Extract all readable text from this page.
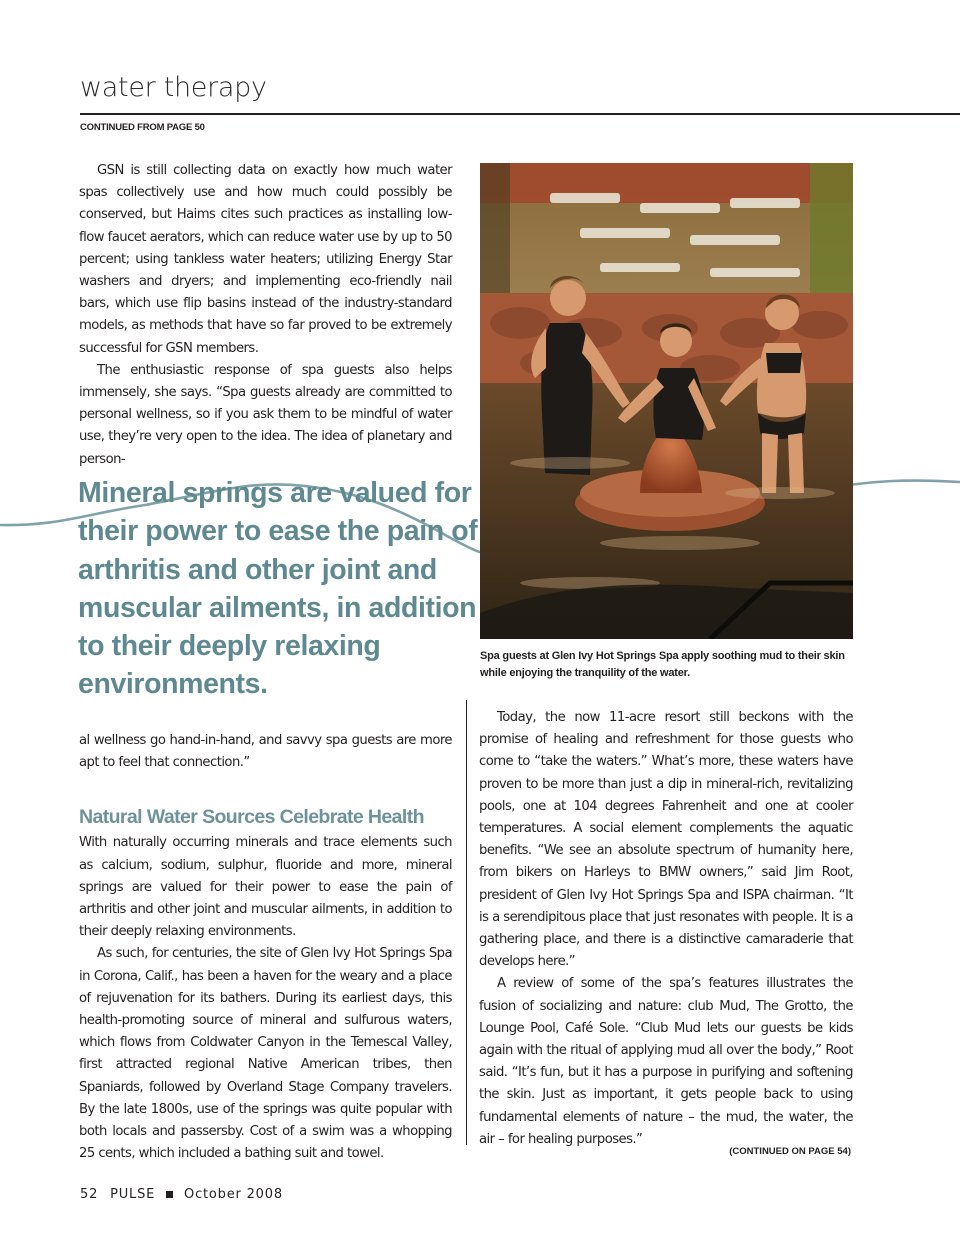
water therapy
CONTINUED FROM PAGE 50

GSN is still collecting data on exactly how much water spas collectively use and how much could possibly be conserved, but Haims cites such practices as installing low-flow faucet aerators, which can reduce water use by up to 50 percent; using tankless water heaters; utilizing Energy Star washers and dryers; and implementing eco-friendly nail bars, which use flip basins instead of the industry-standard models, as methods that have so far proved to be extremely successful for GSN members.

The enthusiastic response of spa guests also helps immensely, she says. “Spa guests already are committed to personal wellness, so if you ask them to be mindful of water use, they’re very open to the idea. The idea of planetary and person-

Mineral springs are valued for their power to ease the pain of arthritis and other joint and muscular ailments, in addition to their deeply relaxing environments.

al wellness go hand-in-hand, and savvy spa guests are more apt to feel that connection.”

Natural Water Sources Celebrate Health

With naturally occurring minerals and trace elements such as calcium, sodium, sulphur, fluoride and more, mineral springs are valued for their power to ease the pain of arthritis and other joint and muscular ailments, in addition to their deeply relaxing environments.

As such, for centuries, the site of Glen Ivy Hot Springs Spa in Corona, Calif., has been a haven for the weary and a place of rejuvenation for its bathers. During its earliest days, this health-promoting source of mineral and sulfurous waters, which flows from Coldwater Canyon in the Temescal Valley, first attracted regional Native American tribes, then Spaniards, followed by Overland Stage Company travelers. By the late 1800s, use of the springs was quite popular with both locals and passersby. Cost of a swim was a whopping 25 cents, which included a bathing suit and towel.

Spa guests at Glen Ivy Hot Springs Spa apply soothing mud to their skin while enjoying the tranquility of the water.

Today, the now 11-acre resort still beckons with the promise of healing and refreshment for those guests who come to “take the waters.” What’s more, these waters have proven to be more than just a dip in mineral-rich, revitalizing pools, one at 104 degrees Fahrenheit and one at cooler temperatures. A social element complements the aquatic benefits. “We see an absolute spectrum of humanity here, from bikers on Harleys to BMW owners,” said Jim Root, president of Glen Ivy Hot Springs Spa and ISPA chairman. “It is a serendipitous place that just resonates with people. It is a gathering place, and there is a distinctive camaraderie that develops here.”

A review of some of the spa’s features illustrates the fusion of socializing and nature: club Mud, The Grotto, the Lounge Pool, Café Sole. “Club Mud lets our guests be kids again with the ritual of applying mud all over the body,” Root said. “It’s fun, but it has a purpose in purifying and softening the skin. Just as important, it gets people back to using fundamental elements of nature – the mud, the water, the air – for healing purposes.”

(CONTINUED ON PAGE 54)
52 PULSE October 2008
